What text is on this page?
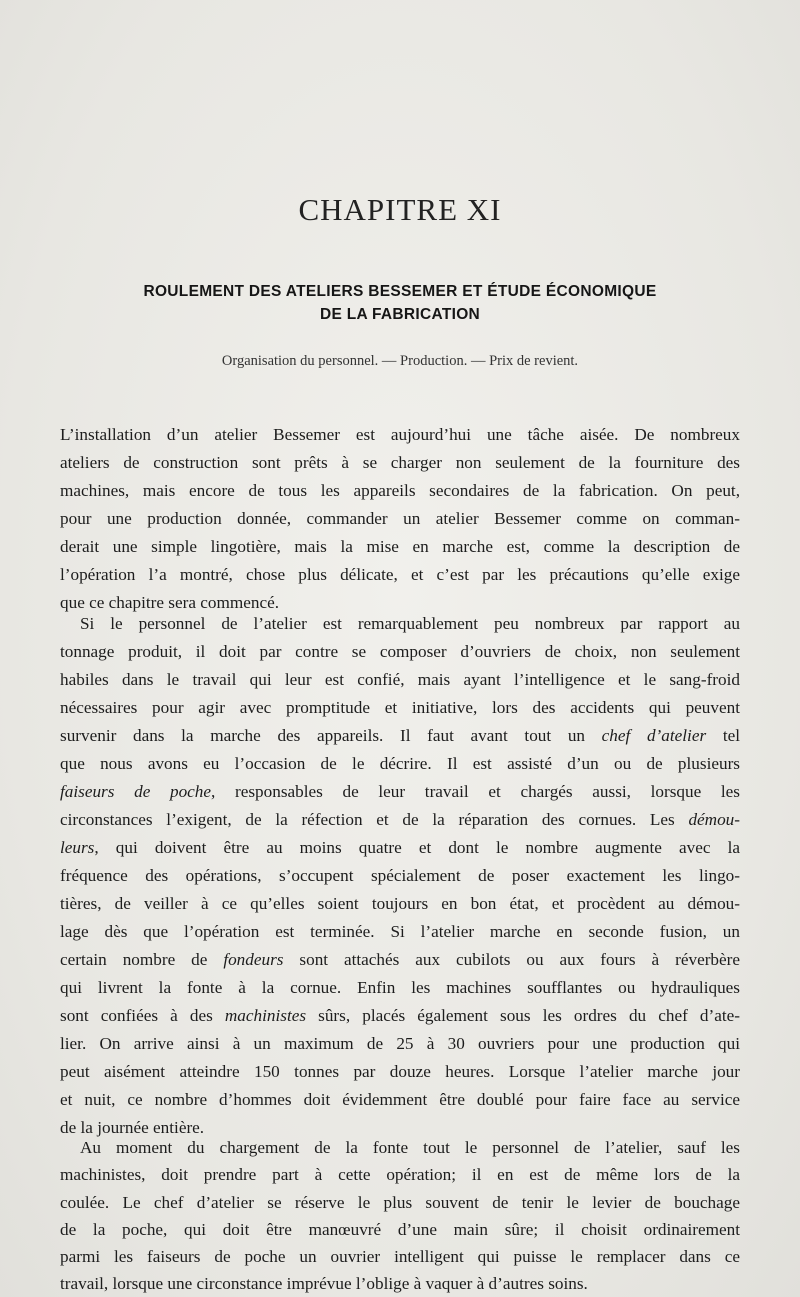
CHAPITRE XI
ROULEMENT DES ATELIERS BESSEMER ET ÉTUDE ÉCONOMIQUE
DE LA FABRICATION
Organisation du personnel. — Production. — Prix de revient.
L’installation d’un atelier Bessemer est aujourd’hui une tâche aisée. De nombreux
ateliers de construction sont prêts à se charger non seulement de la fourniture des
machines, mais encore de tous les appareils secondaires de la fabrication. On peut,
pour une production donnée, commander un atelier Bessemer comme on comman-
derait une simple lingotière, mais la mise en marche est, comme la description de
l’opération l’a montré, chose plus délicate, et c’est par les précautions qu’elle exige
que ce chapitre sera commencé.
Si le personnel de l’atelier est remarquablement peu nombreux par rapport au
tonnage produit, il doit par contre se composer d’ouvriers de choix, non seulement
habiles dans le travail qui leur est confié, mais ayant l’intelligence et le sang-froid
nécessaires pour agir avec promptitude et initiative, lors des accidents qui peuvent
survenir dans la marche des appareils. Il faut avant tout un chef d’atelier tel
que nous avons eu l’occasion de le décrire. Il est assisté d’un ou de plusieurs
faiseurs de poche, responsables de leur travail et chargés aussi, lorsque les
circonstances l’exigent, de la réfection et de la réparation des cornues. Les démou-
leurs, qui doivent être au moins quatre et dont le nombre augmente avec la
fréquence des opérations, s’occupent spécialement de poser exactement les lingo-
tières, de veiller à ce qu’elles soient toujours en bon état, et procèdent au démou-
lage dès que l’opération est terminée. Si l’atelier marche en seconde fusion, un
certain nombre de fondeurs sont attachés aux cubilots ou aux fours à réverbère
qui livrent la fonte à la cornue. Enfin les machines soufflantes ou hydrauliques
sont confiées à des machinistes sûrs, placés également sous les ordres du chef d’ate-
lier. On arrive ainsi à un maximum de 25 à 30 ouvriers pour une production qui
peut aisément atteindre 150 tonnes par douze heures. Lorsque l’atelier marche jour
et nuit, ce nombre d’hommes doit évidemment être doublé pour faire face au service
de la journée entière.
Au moment du chargement de la fonte tout le personnel de l’atelier, sauf les
machinistes, doit prendre part à cette opération; il en est de même lors de la
coulée. Le chef d’atelier se réserve le plus souvent de tenir le levier de bouchage
de la poche, qui doit être manœuvré d’une main sûre; il choisit ordinairement
parmi les faiseurs de poche un ouvrier intelligent qui puisse le remplacer dans ce
travail, lorsque une circonstance imprévue l’oblige à vaquer à d’autres soins.
